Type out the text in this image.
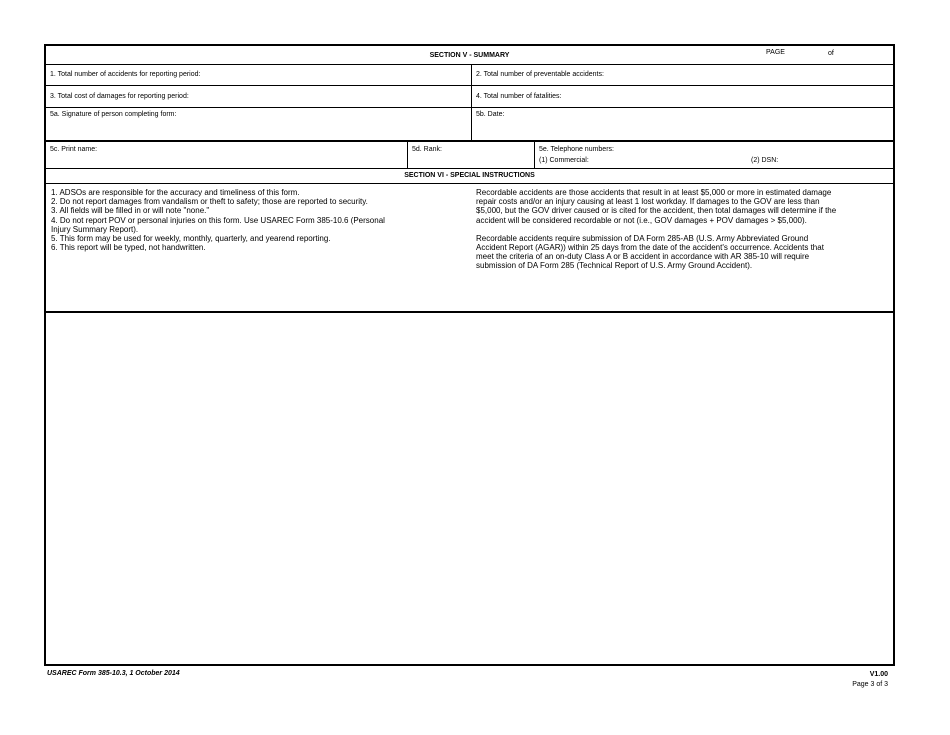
SECTION V - SUMMARY	PAGE	of
1. Total number of accidents for reporting period:	2. Total number of preventable accidents:
3. Total cost of damages for reporting period:	4. Total number of fatalities:
5a. Signature of person completing form:	5b. Date:
5c. Print name:	5d. Rank:	5e. Telephone numbers:
(1) Commercial:	(2) DSN:
SECTION VI - SPECIAL INSTRUCTIONS
1. ADSOs are responsible for the accuracy and timeliness of this form.
2. Do not report damages from vandalism or theft to safety; those are reported to security.
3. All fields will be filled in or will note "none."
4. Do not report POV or personal injuries on this form. Use USAREC Form 385-10.6 (Personal
Injury Summary Report).
5. This form may be used for weekly, monthly, quarterly, and yearend reporting.
6. This report will be typed, not handwritten.
Recordable accidents are those accidents that result in at least $5,000 or more in estimated damage
repair costs and/or an injury causing at least 1 lost workday. If damages to the GOV are less than
$5,000, but the GOV driver caused or is cited for the accident, then total damages will determine if the
accident will be considered recordable or not (i.e., GOV damages + POV damages > $5,000).
Recordable accidents require submission of DA Form 285-AB (U.S. Army Abbreviated Ground
Accident Report (AGAR)) within 25 days from the date of the accident's occurrence. Accidents that
meet the criteria of an on-duty Class A or B accident in accordance with AR 385-10 will require
submission of DA Form 285 (Technical Report of U.S. Army Ground Accident).
USAREC Form 385-10.3, 1 October 2014	V1.00
Page 3 of 3
